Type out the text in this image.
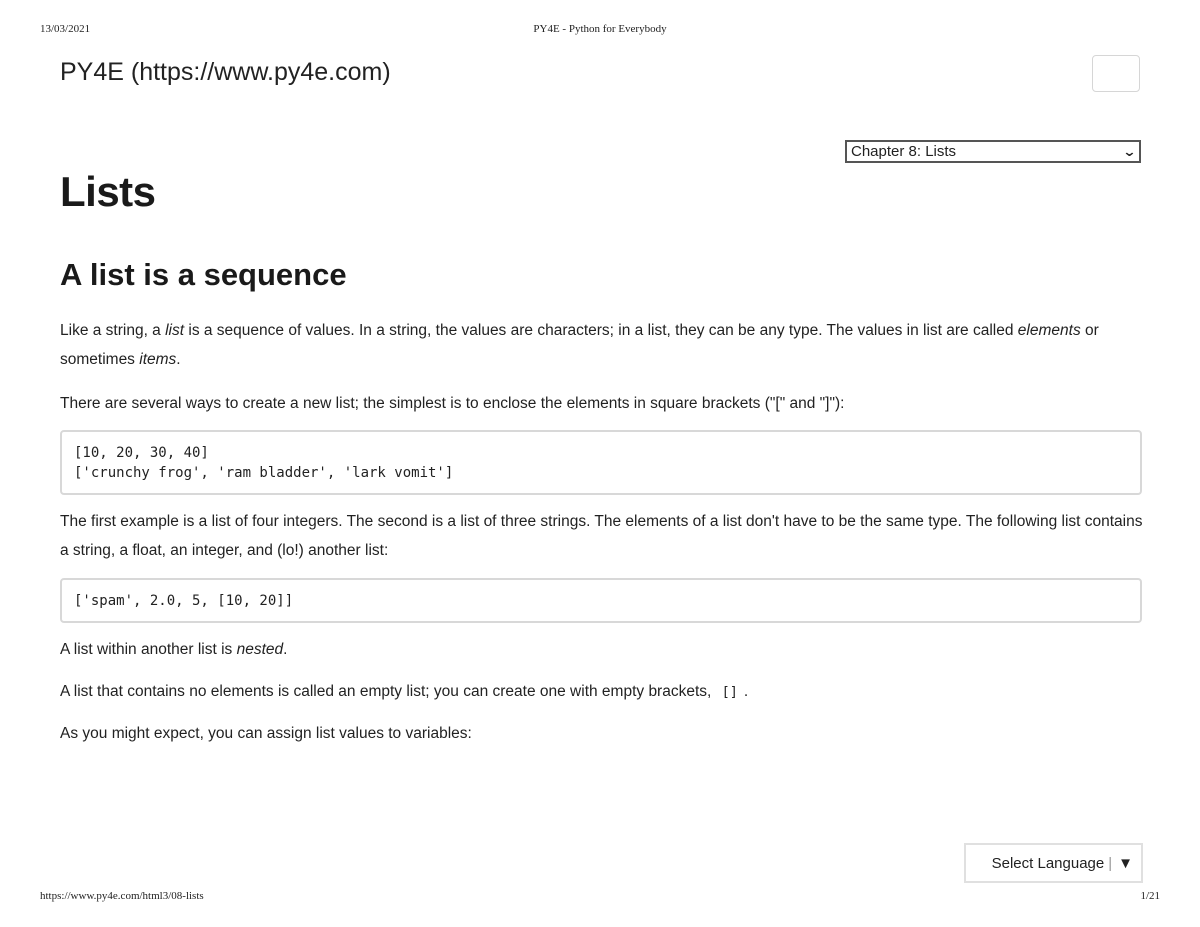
13/03/2021	PY4E - Python for Everybody
PY4E (https://www.py4e.com)
Chapter 8: Lists	⌄
Lists
A list is a sequence

Like a string, a list is a sequence of values. In a string, the values are characters; in a list, they can be any type. The values in list are called elements or sometimes items.

There are several ways to create a new list; the simplest is to enclose the elements in square brackets ("[" and "]"):

[10, 20, 30, 40]
['crunchy frog', 'ram bladder', 'lark vomit']

The first example is a list of four integers. The second is a list of three strings. The elements of a list don't have to be the same type. The following list contains a string, a float, an integer, and (lo!) another list:

['spam', 2.0, 5, [10, 20]]

A list within another list is nested.

A list that contains no elements is called an empty list; you can create one with empty brackets, [] .

As you might expect, you can assign list values to variables:

Select Language | ▼
https://www.py4e.com/html3/08-lists	1/21
